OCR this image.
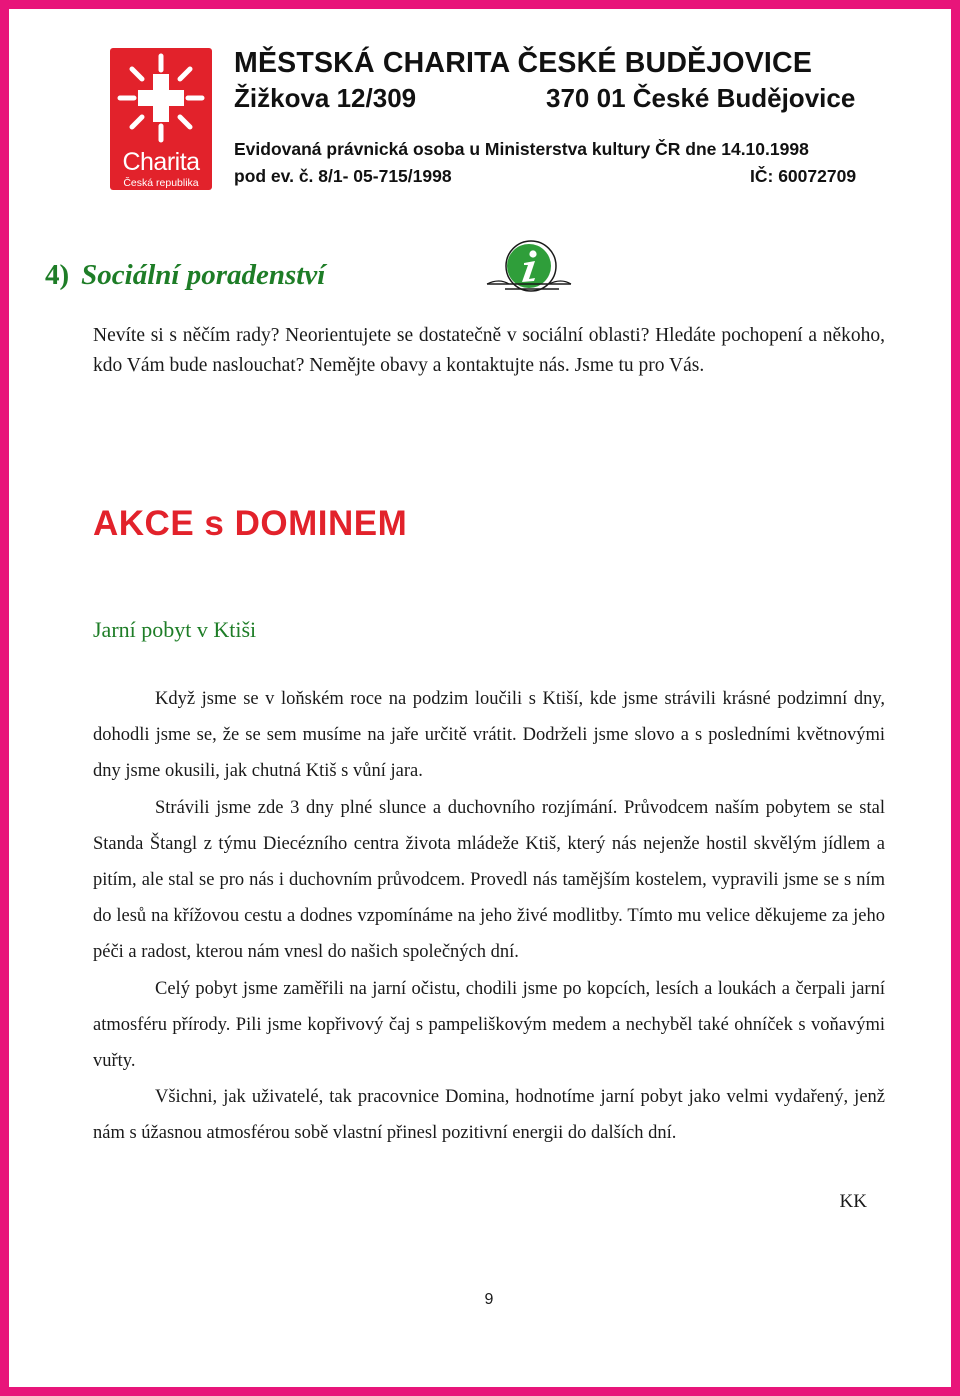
Charita
Česká republika
MĚSTSKÁ CHARITA ČESKÉ BUDĚJOVICE
Žižkova 12/309	370 01 České Budějovice
Evidovaná právnická osoba u Ministerstva kultury ČR dne 14.10.1998
pod ev. č. 8/1- 05-715/1998	IČ: 60072709
4) Sociální poradenství
Nevíte si s něčím rady? Neorientujete se dostatečně v sociální oblasti? Hledáte pochopení a někoho, kdo Vám bude naslouchat? Nemějte obavy a kontaktujte nás. Jsme tu pro Vás.
AKCE s DOMINEM
Jarní pobyt v Ktiši

Když jsme se v loňském roce na podzim loučili s Ktiší, kde jsme strávili krásné podzimní dny, dohodli jsme se, že se sem musíme na jaře určitě vrátit. Dodrželi jsme slovo a s posledními květnovými dny jsme okusili, jak chutná Ktiš s vůní jara.

Strávili jsme zde 3 dny plné slunce a duchovního rozjímání. Průvodcem naším pobytem se stal Standa Štangl z týmu Diecézního centra života mládeže Ktiš, který nás nejenže hostil skvělým jídlem a pitím, ale stal se pro nás i duchovním průvodcem. Provedl nás tamějším kostelem, vypravili jsme se s ním do lesů na křížovou cestu a dodnes vzpomínáme na jeho živé modlitby. Tímto mu velice děkujeme za jeho péči a radost, kterou nám vnesl do našich společných dní.

Celý pobyt jsme zaměřili na jarní očistu, chodili jsme po kopcích, lesích a loukách a čerpali jarní atmosféru přírody. Pili jsme kopřivový čaj s pampeliškovým medem a nechyběl také ohníček s voňavými vuřty.

Všichni, jak uživatelé, tak pracovnice Domina, hodnotíme jarní pobyt jako velmi vydařený, jenž nám s úžasnou atmosférou sobě vlastní přinesl pozitivní energii do dalších dní.

KK
9
